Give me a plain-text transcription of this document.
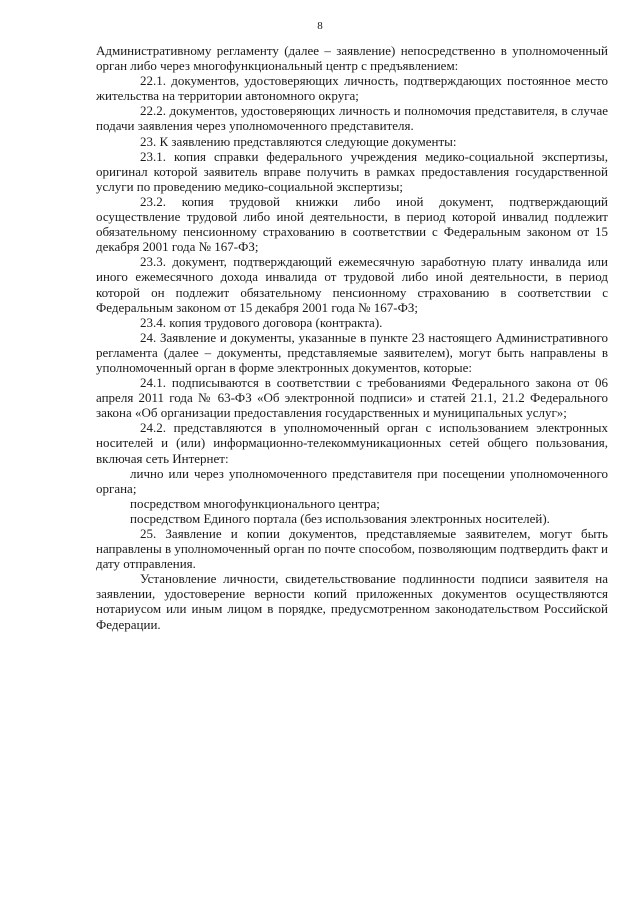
8

Административному регламенту (далее – заявление) непосредственно в уполномоченный орган либо через многофункциональный центр с предъявлением:

22.1. документов, удостоверяющих личность, подтверждающих постоянное место жительства на территории автономного округа;

22.2. документов, удостоверяющих личность и полномочия представителя, в случае подачи заявления через уполномоченного представителя.

23. К заявлению представляются следующие документы:

23.1. копия справки федерального учреждения медико-социальной экспертизы, оригинал которой заявитель вправе получить в рамках предоставления государственной услуги по проведению медико-социальной экспертизы;

23.2. копия трудовой книжки либо иной документ, подтверждающий осуществление трудовой либо иной деятельности, в период которой инвалид подлежит обязательному пенсионному страхованию в соответствии с Федеральным законом от 15 декабря 2001 года № 167-ФЗ;

23.3. документ, подтверждающий ежемесячную заработную плату инвалида или иного ежемесячного дохода инвалида от трудовой либо иной деятельности, в период которой он подлежит обязательному пенсионному страхованию в соответствии с Федеральным законом от 15 декабря 2001 года № 167-ФЗ;

23.4. копия трудового договора (контракта).

24. Заявление и документы, указанные в пункте 23 настоящего Административного регламента (далее – документы, представляемые заявителем), могут быть направлены в уполномоченный орган в форме электронных документов, которые:

24.1. подписываются в соответствии с требованиями Федерального закона от 06 апреля 2011 года № 63-ФЗ «Об электронной подписи» и статей 21.1, 21.2 Федерального закона «Об организации предоставления государственных и муниципальных услуг»;

24.2. представляются в уполномоченный орган с использованием электронных носителей и (или) информационно-телекоммуникационных сетей общего пользования, включая сеть Интернет:

лично или через уполномоченного представителя при посещении уполномоченного органа;

посредством многофункционального центра;

посредством Единого портала (без использования электронных носителей).

25. Заявление и копии документов, представляемые заявителем, могут быть направлены в уполномоченный орган по почте способом, позволяющим подтвердить факт и дату отправления.

Установление личности, свидетельствование подлинности подписи заявителя на заявлении, удостоверение верности копий приложенных документов осуществляются нотариусом или иным лицом в порядке, предусмотренном законодательством Российской Федерации.
